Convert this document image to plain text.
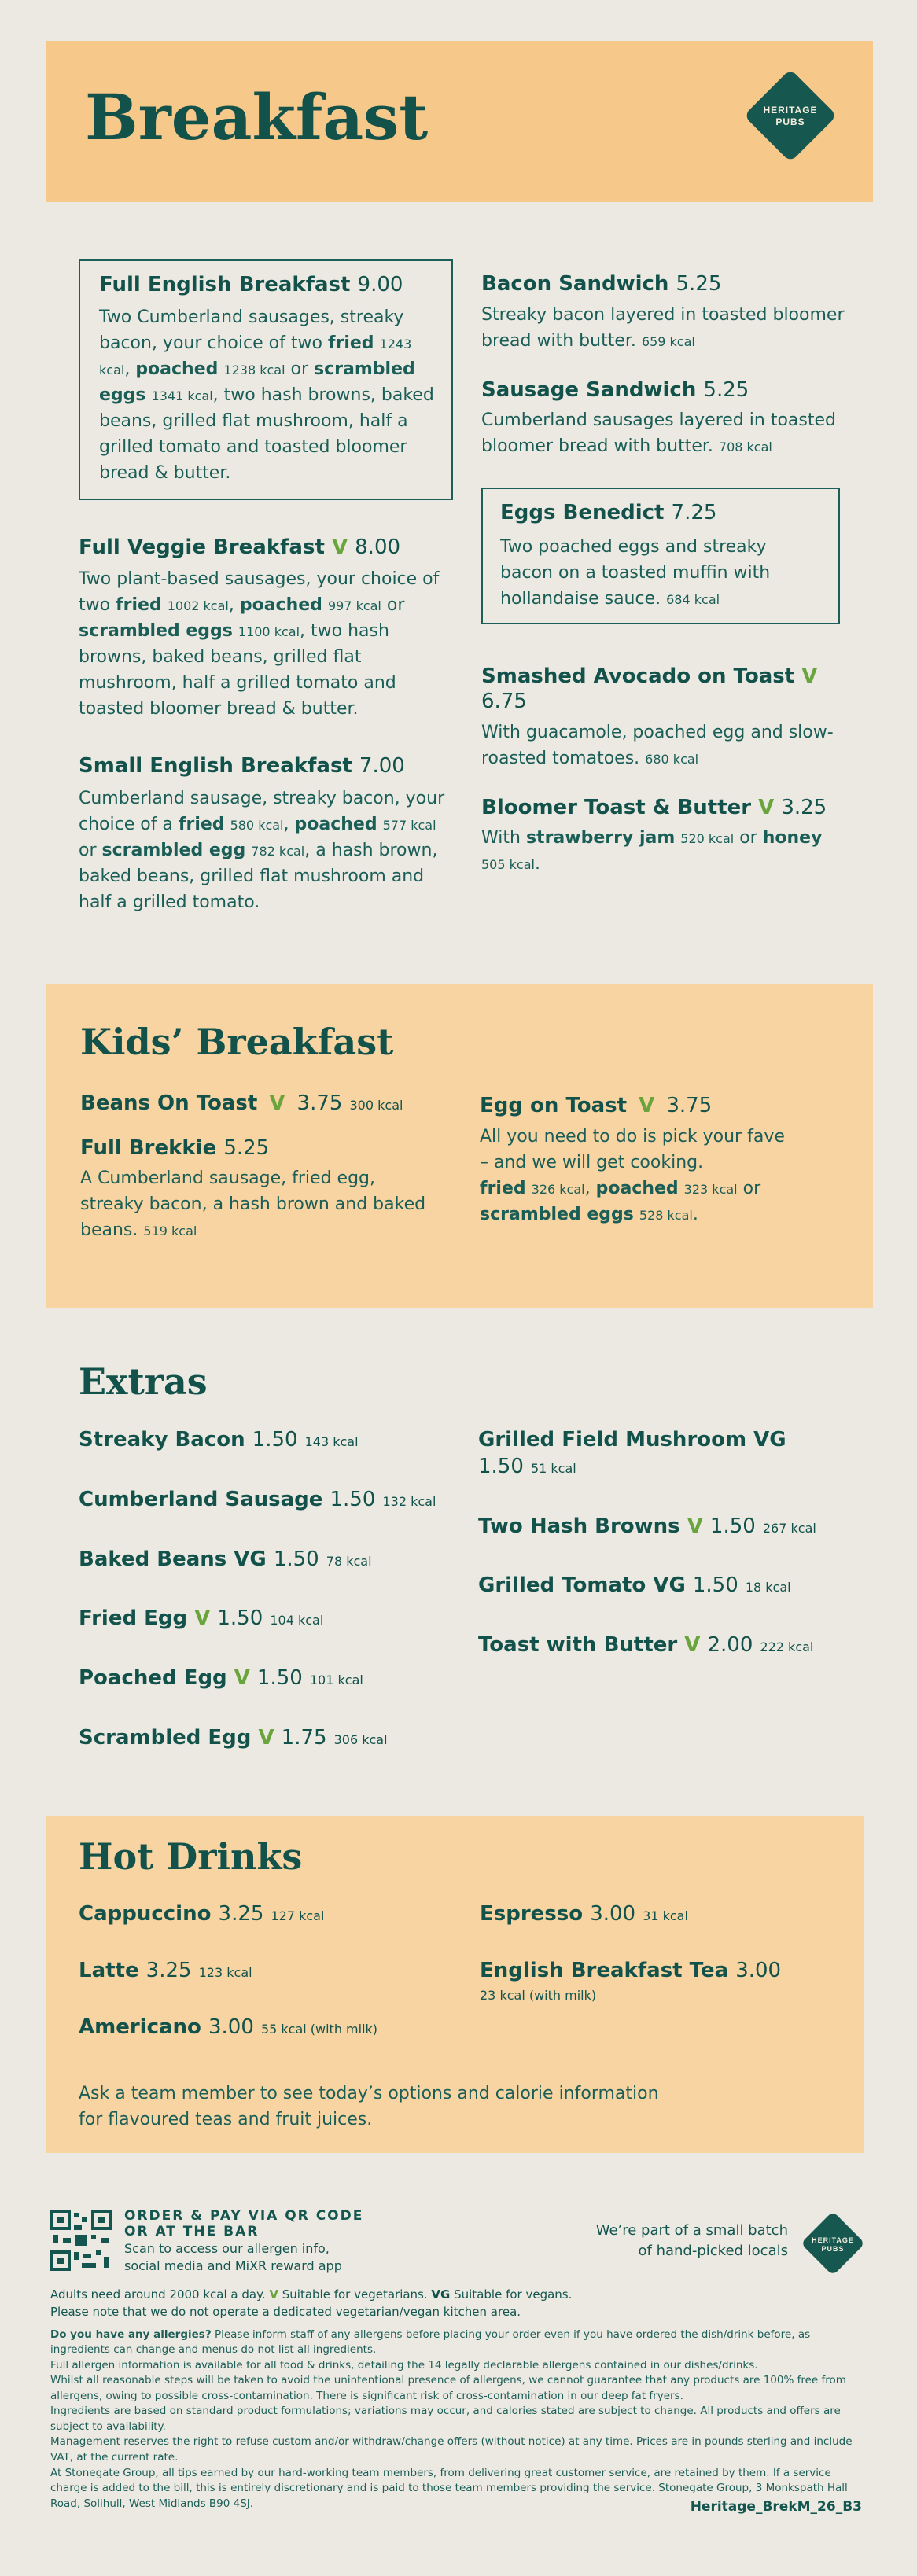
Breakfast	HERITAGE
PUBS
Full English Breakfast 9.00
Two Cumberland sausages, streaky bacon, your choice of two fried 1243 kcal, poached 1238 kcal or scrambled eggs 1341 kcal, two hash browns, baked beans, grilled flat mushroom, half a grilled tomato and toasted bloomer bread & butter.
Full Veggie Breakfast V 8.00
Two plant-based sausages, your choice of two fried 1002 kcal, poached 997 kcal or scrambled eggs 1100 kcal, two hash browns, baked beans, grilled flat mushroom, half a grilled tomato and toasted bloomer bread & butter.
Small English Breakfast 7.00
Cumberland sausage, streaky bacon, your choice of a fried 580 kcal, poached 577 kcal or scrambled egg 782 kcal, a hash brown, baked beans, grilled flat mushroom and half a grilled tomato.
Bacon Sandwich 5.25
Streaky bacon layered in toasted bloomer bread with butter. 659 kcal
Sausage Sandwich 5.25
Cumberland sausages layered in toasted bloomer bread with butter. 708 kcal
Eggs Benedict 7.25
Two poached eggs and streaky bacon on a toasted muffin with hollandaise sauce. 684 kcal
Smashed Avocado on Toast V 6.75
With guacamole, poached egg and slow-roasted tomatoes. 680 kcal
Bloomer Toast & Butter V 3.25
With strawberry jam 520 kcal or honey 505 kcal.
Kids’ Breakfast
Beans On Toast V 3.75 300 kcal
Full Brekkie 5.25
A Cumberland sausage, fried egg, streaky bacon, a hash brown and baked beans. 519 kcal
Egg on Toast V 3.75
All you need to do is pick your fave
– and we will get cooking.
fried 326 kcal, poached 323 kcal or
scrambled eggs 528 kcal.
Extras
Streaky Bacon 1.50 143 kcal
Cumberland Sausage 1.50 132 kcal
Baked Beans VG 1.50 78 kcal
Fried Egg V 1.50 104 kcal
Poached Egg V 1.50 101 kcal
Scrambled Egg V 1.75 306 kcal
Grilled Field Mushroom VG
1.50 51 kcal
Two Hash Browns V 1.50 267 kcal
Grilled Tomato VG 1.50 18 kcal
Toast with Butter V 2.00 222 kcal
Hot Drinks
Cappuccino 3.25 127 kcal
Latte 3.25 123 kcal
Americano 3.00 55 kcal (with milk)
Espresso 3.00 31 kcal
English Breakfast Tea 3.00
23 kcal (with milk)
Ask a team member to see today’s options and calorie information
for flavoured teas and fruit juices.
ORDER & PAY VIA QR CODE
OR AT THE BAR
Scan to access our allergen info,
social media and MiXR reward app
We’re part of a small batch
of hand-picked locals
HERITAGE
PUBS
Adults need around 2000 kcal a day. V Suitable for vegetarians. VG Suitable for vegans.
Please note that we do not operate a dedicated vegetarian/vegan kitchen area.
Do you have any allergies? Please inform staff of any allergens before placing your order even if you have ordered the dish/drink before, as ingredients can change and menus do not list all ingredients.
Full allergen information is available for all food & drinks, detailing the 14 legally declarable allergens contained in our dishes/drinks.
Whilst all reasonable steps will be taken to avoid the unintentional presence of allergens, we cannot guarantee that any products are 100% free from allergens, owing to possible cross-contamination. There is significant risk of cross-contamination in our deep fat fryers.
Ingredients are based on standard product formulations; variations may occur, and calories stated are subject to change. All products and offers are subject to availability.
Management reserves the right to refuse custom and/or withdraw/change offers (without notice) at any time. Prices are in pounds sterling and include VAT, at the current rate.
At Stonegate Group, all tips earned by our hard-working team members, from delivering great customer service, are retained by them. If a service charge is added to the bill, this is entirely discretionary and is paid to those team members providing the service. Stonegate Group, 3 Monkspath Hall Road, Solihull, West Midlands B90 4SJ.	Heritage_BrekM_26_B3
